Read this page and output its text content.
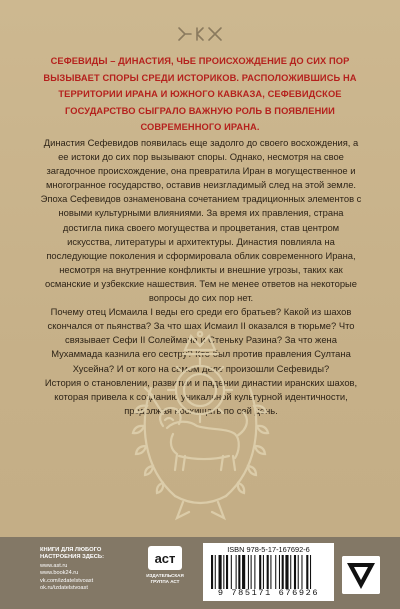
СЕФЕВИДЫ – ДИНАСТИЯ, ЧЬЕ ПРОИСХОЖДЕНИЕ ДО СИХ ПОР ВЫЗЫВАЕТ СПОРЫ СРЕДИ ИСТОРИКОВ. РАСПОЛОЖИВШИСЬ НА ТЕРРИТОРИИ ИРАНА И ЮЖНОГО КАВКАЗА, СЕФЕВИДСКОЕ ГОСУДАРСТВО СЫГРАЛО ВАЖНУЮ РОЛЬ В ПОЯВЛЕНИИ СОВРЕМЕННОГО ИРАНА.

Династия Сефевидов появилась еще задолго до своего восхождения, а ее истоки до сих пор вызывают споры. Однако, несмотря на свое загадочное происхождение, она превратила Иран в могущественное и многогранное государство, оставив неизгладимый след на этой земле.

Эпоха Сефевидов ознаменована сочетанием традиционных элементов с новыми культурными влияниями. За время их правления, страна достигла пика своего могущества и процветания, став центром искусства, литературы и архитектуры. Династия повлияла на последующие поколения и сформировала облик современного Ирана, несмотря на внутренние конфликты и внешние угрозы, таких как османские и узбекские нашествия. Тем не менее ответов на некоторые вопросы до сих пор нет.

Почему отец Исмаила I веды его среди его братьев? Какой из шахов скончался от пьянства? За что шах Исмаил II оказался в тюрьме? Что связывает Сефи II Солеймана и Стеньку Разина? За что жена Мухаммада казнила его сестру? Кто был против правления Султана Хусейна? И от кого на самом деле произошли Сефевиды?

История о становлении, развитии и падении династии иранских шахов, которая привела к созданию уникальной культурной идентичности, продолжая восхищать по сей день.

КНИГИ ДЛЯ ЛЮБОГО НАСТРОЕНИЯ ЗДЕСЬ:
www.ast.ru
www.book24.ru
vk.com/izdatelstvoast
ok.ru/izdatelstvoast
аст
ИЗДАТЕЛЬСКАЯ ГРУППА АСТ
ISBN 978-5-17-167692-6
9 785171 676926
